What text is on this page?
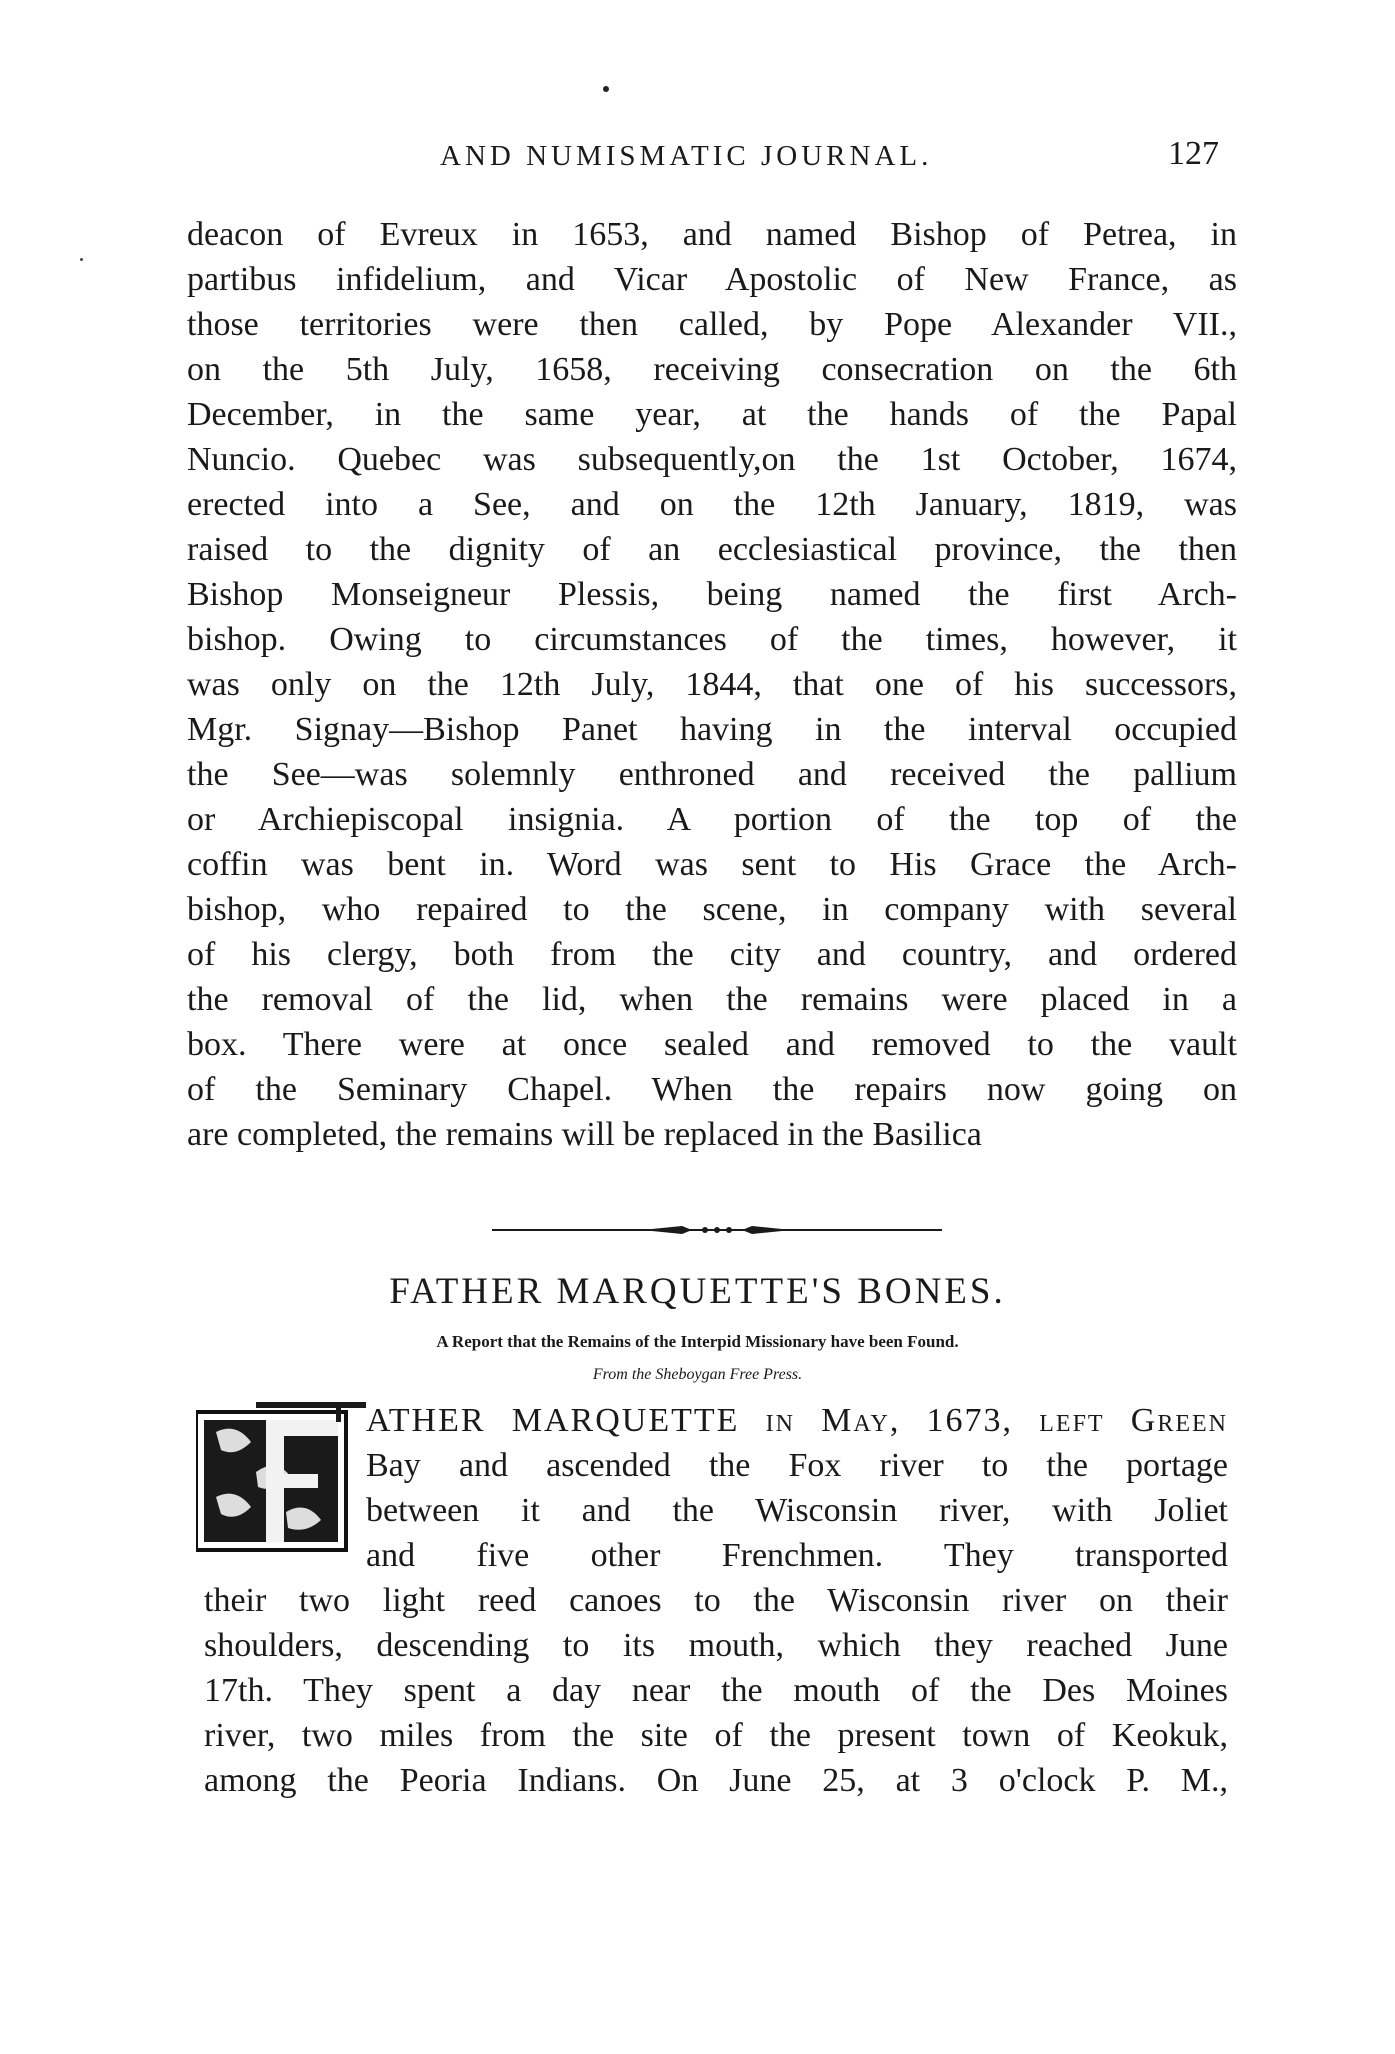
AND NUMISMATIC JOURNAL.	127
deacon of Evreux in 1653, and named Bishop of Petrea, in
partibus infidelium, and Vicar Apostolic of New France, as
those territories were then called, by Pope Alexander VII.,
on the 5th July, 1658, receiving consecration on the 6th
December, in the same year, at the hands of the Papal
Nuncio. Quebec was subsequently,on the 1st October, 1674,
erected into a See, and on the 12th January, 1819, was
raised to the dignity of an ecclesiastical province, the then
Bishop Monseigneur Plessis, being named the first Arch-
bishop. Owing to circumstances of the times, however, it
was only on the 12th July, 1844, that one of his successors,
Mgr. Signay—Bishop Panet having in the interval occupied
the See—was solemnly enthroned and received the pallium
or Archiepiscopal insignia. A portion of the top of the
coffin was bent in. Word was sent to His Grace the Arch-
bishop, who repaired to the scene, in company with several
of his clergy, both from the city and country, and ordered
the removal of the lid, when the remains were placed in a
box. There were at once sealed and removed to the vault
of the Seminary Chapel. When the repairs now going on
are completed, the remains will be replaced in the Basilica
FATHER MARQUETTE'S BONES.
A Report that the Remains of the Interpid Missionary have been Found.
From the Sheboygan Free Press.
F	ATHER MARQUETTE in May, 1673, left Green
Bay and ascended the Fox river to the portage
between it and the Wisconsin river, with Joliet
and five other Frenchmen. They transported
their two light reed canoes to the Wisconsin river on their
shoulders, descending to its mouth, which they reached June
17th. They spent a day near the mouth of the Des Moines
river, two miles from the site of the present town of Keokuk,
among the Peoria Indians. On June 25, at 3 o'clock P. M.,
